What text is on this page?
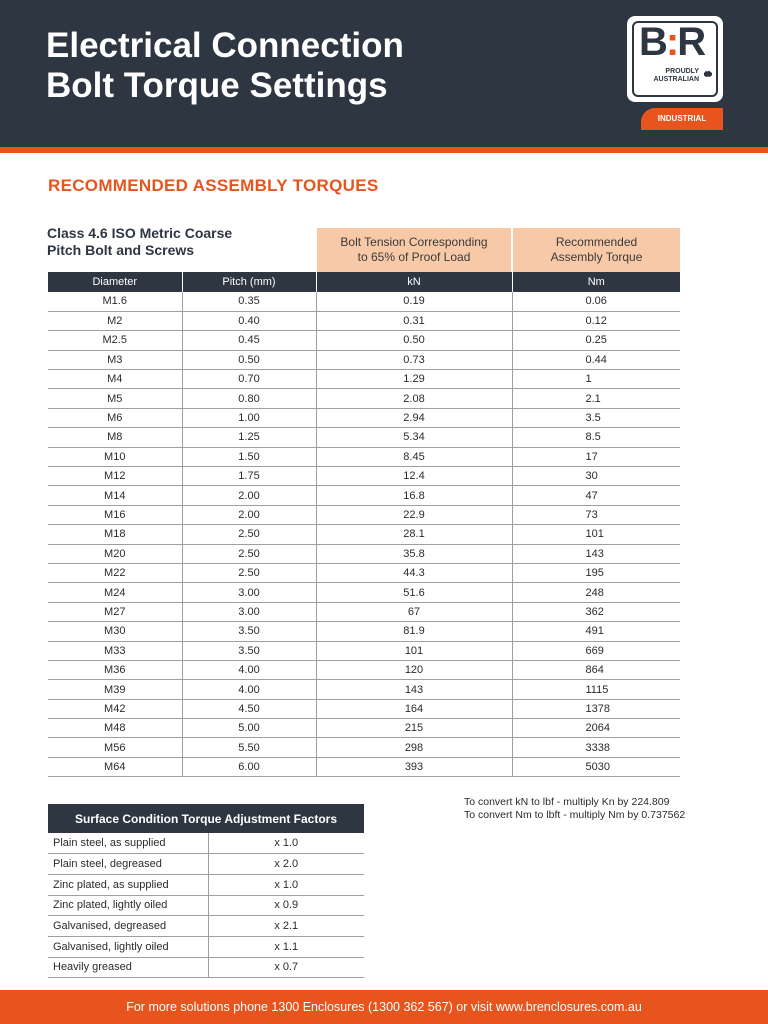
Electrical Connection
Bolt Torque Settings
B:R
PROUDLY
AUSTRALIAN
INDUSTRIAL
RECOMMENDED ASSEMBLY TORQUES
Class 4.6 ISO Metric Coarse
Pitch Bolt and Screws	Bolt Tension Corresponding
to 65% of Proof Load
Recommended
Assembly Torque
Diameter	Pitch (mm)	kN	Nm
M1.6	0.35	0.19	0.06
M2	0.40	0.31	0.12
M2.5	0.45	0.50	0.25
M3	0.50	0.73	0.44
M4	0.70	1.29	1
M5	0.80	2.08	2.1
M6	1.00	2.94	3.5
M8	1.25	5.34	8.5
M10	1.50	8.45	17
M12	1.75	12.4	30
M14	2.00	16.8	47
M16	2.00	22.9	73
M18	2.50	28.1	101
M20	2.50	35.8	143
M22	2.50	44.3	195
M24	3.00	51.6	248
M27	3.00	67	362
M30	3.50	81.9	491
M33	3.50	101	669
M36	4.00	120	864
M39	4.00	143	1115
M42	4.50	164	1378
M48	5.00	215	2064
M56	5.50	298	3338
M64	6.00	393	5030
Surface Condition Torque Adjustment Factors	
Plain steel, as supplied	x 1.0
Plain steel, degreased	x 2.0
Zinc plated, as supplied	x 1.0
Zinc plated, lightly oiled	x 0.9
Galvanised, degreased	x 2.1
Galvanised, lightly oiled	x 1.1
Heavily greased	x 0.7
To convert kN to lbf - multiply Kn by 224.809
To convert Nm to lbft - multiply Nm by 0.737562
For more solutions phone 1300 Enclosures (1300 362 567) or visit www.brenclosures.com.au
